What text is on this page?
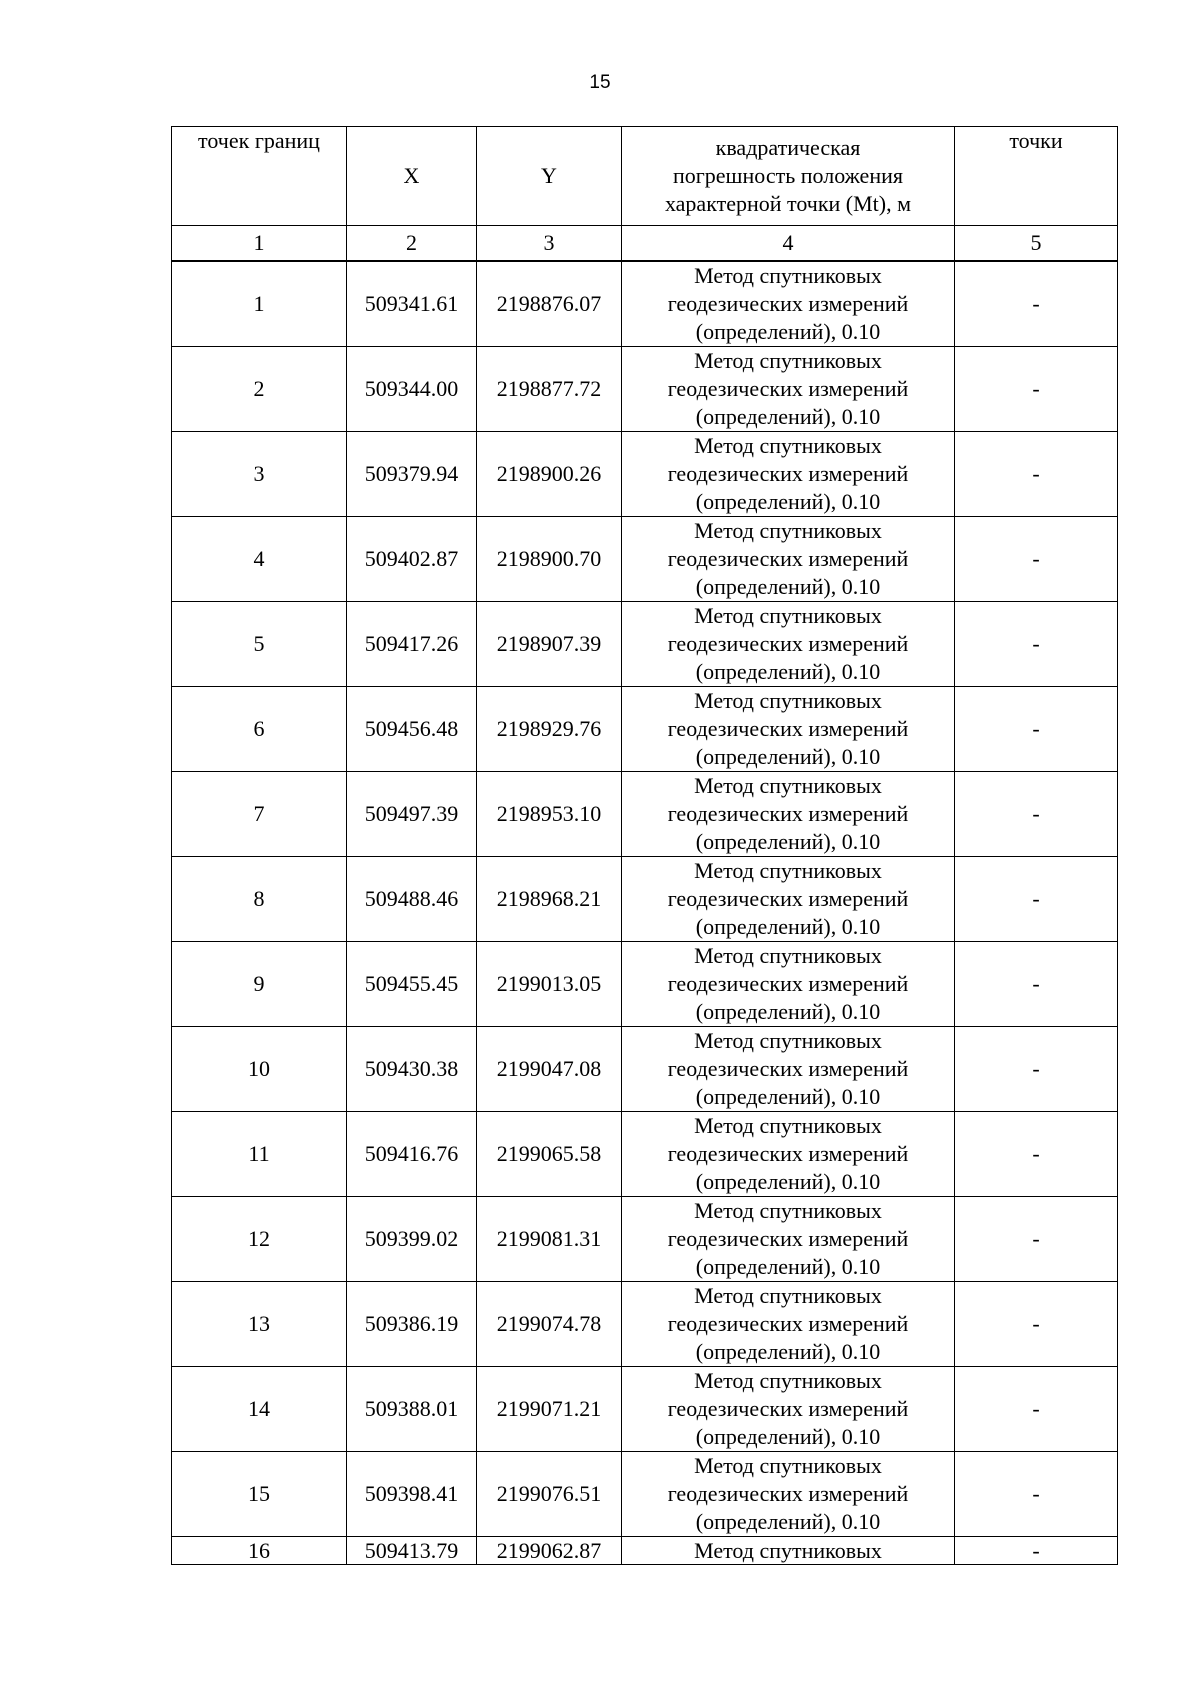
15
точек границ	X	Y	квадратическая
погрешность положения
характерной точки (Mt), м	точки
1	2	3	4	5
1	509341.61	2198876.07	Метод спутниковых
геодезических измерений
(определений), 0.10	-
2	509344.00	2198877.72	Метод спутниковых
геодезических измерений
(определений), 0.10	-
3	509379.94	2198900.26	Метод спутниковых
геодезических измерений
(определений), 0.10	-
4	509402.87	2198900.70	Метод спутниковых
геодезических измерений
(определений), 0.10	-
5	509417.26	2198907.39	Метод спутниковых
геодезических измерений
(определений), 0.10	-
6	509456.48	2198929.76	Метод спутниковых
геодезических измерений
(определений), 0.10	-
7	509497.39	2198953.10	Метод спутниковых
геодезических измерений
(определений), 0.10	-
8	509488.46	2198968.21	Метод спутниковых
геодезических измерений
(определений), 0.10	-
9	509455.45	2199013.05	Метод спутниковых
геодезических измерений
(определений), 0.10	-
10	509430.38	2199047.08	Метод спутниковых
геодезических измерений
(определений), 0.10	-
11	509416.76	2199065.58	Метод спутниковых
геодезических измерений
(определений), 0.10	-
12	509399.02	2199081.31	Метод спутниковых
геодезических измерений
(определений), 0.10	-
13	509386.19	2199074.78	Метод спутниковых
геодезических измерений
(определений), 0.10	-
14	509388.01	2199071.21	Метод спутниковых
геодезических измерений
(определений), 0.10	-
15	509398.41	2199076.51	Метод спутниковых
геодезических измерений
(определений), 0.10	-
16	509413.79	2199062.87	Метод спутниковых	-
